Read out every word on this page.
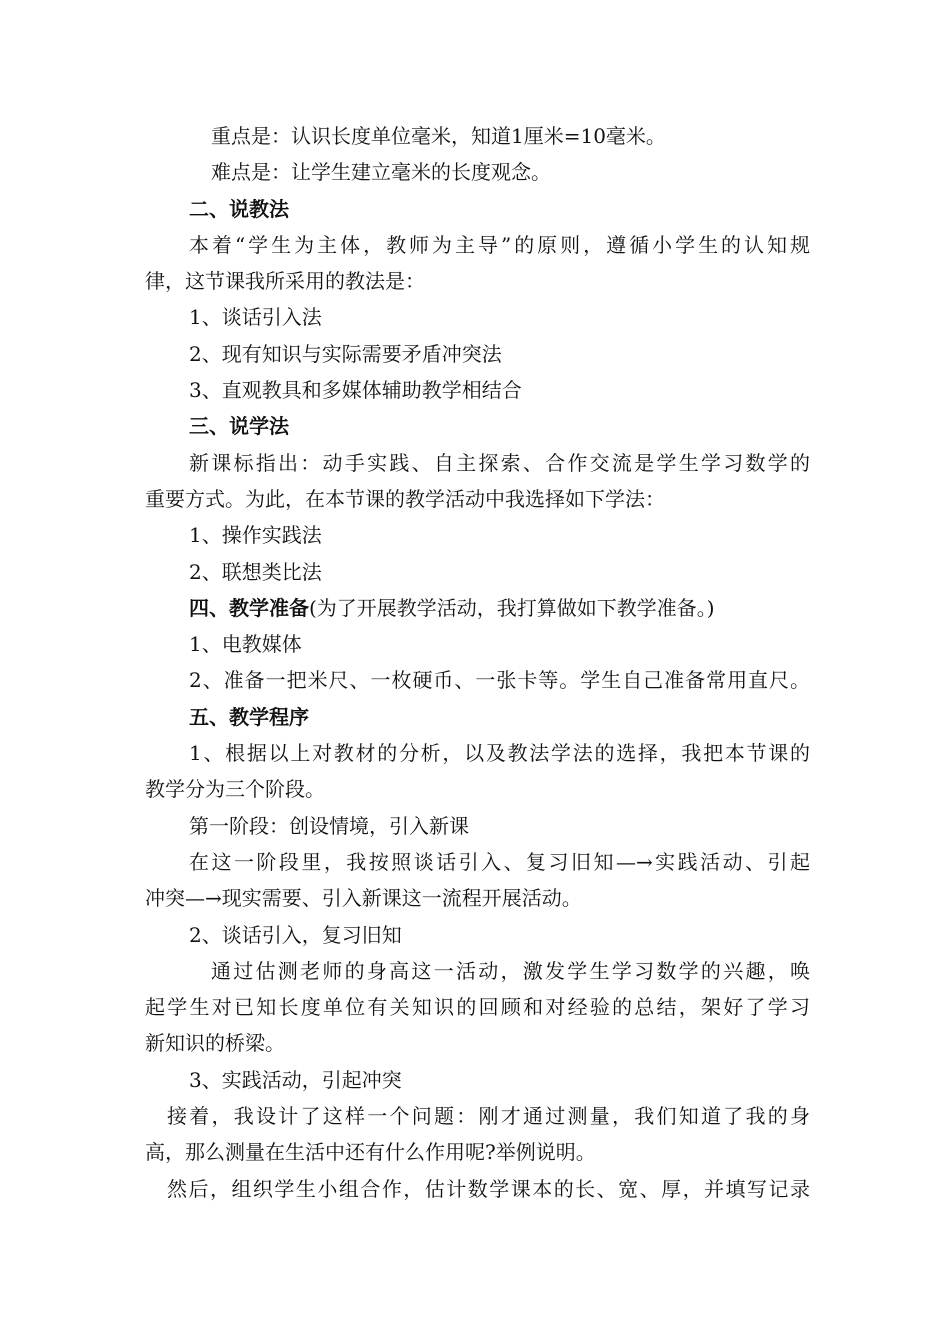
重点是：认识长度单位毫米，知道1厘米=10毫米。
难点是：让学生建立毫米的长度观念。
二、说教法
本着“学生为主体，教师为主导”的原则，遵循小学生的认知规
律，这节课我所采用的教法是：
1、谈话引入法
2、现有知识与实际需要矛盾冲突法
3、直观教具和多媒体辅助教学相结合
三、说学法
新课标指出：动手实践、自主探索、合作交流是学生学习数学的
重要方式。为此，在本节课的教学活动中我选择如下学法：
1、操作实践法
2、联想类比法
四、教学准备(为了开展教学活动，我打算做如下教学准备。)
1、电教媒体
2、准备一把米尺、一枚硬币、一张卡等。学生自己准备常用直尺。
五、教学程序
1、根据以上对教材的分析，以及教法学法的选择，我把本节课的
教学分为三个阶段。
第一阶段：创设情境，引入新课
在这一阶段里，我按照谈话引入、复习旧知—→实践活动、引起
冲突—→现实需要、引入新课这一流程开展活动。
2、谈话引入，复习旧知
通过估测老师的身高这一活动，激发学生学习数学的兴趣，唤
起学生对已知长度单位有关知识的回顾和对经验的总结，架好了学习
新知识的桥梁。
3、实践活动，引起冲突
接着，我设计了这样一个问题：刚才通过测量，我们知道了我的身
高，那么测量在生活中还有什么作用呢?举例说明。
然后，组织学生小组合作，估计数学课本的长、宽、厚，并填写记录
